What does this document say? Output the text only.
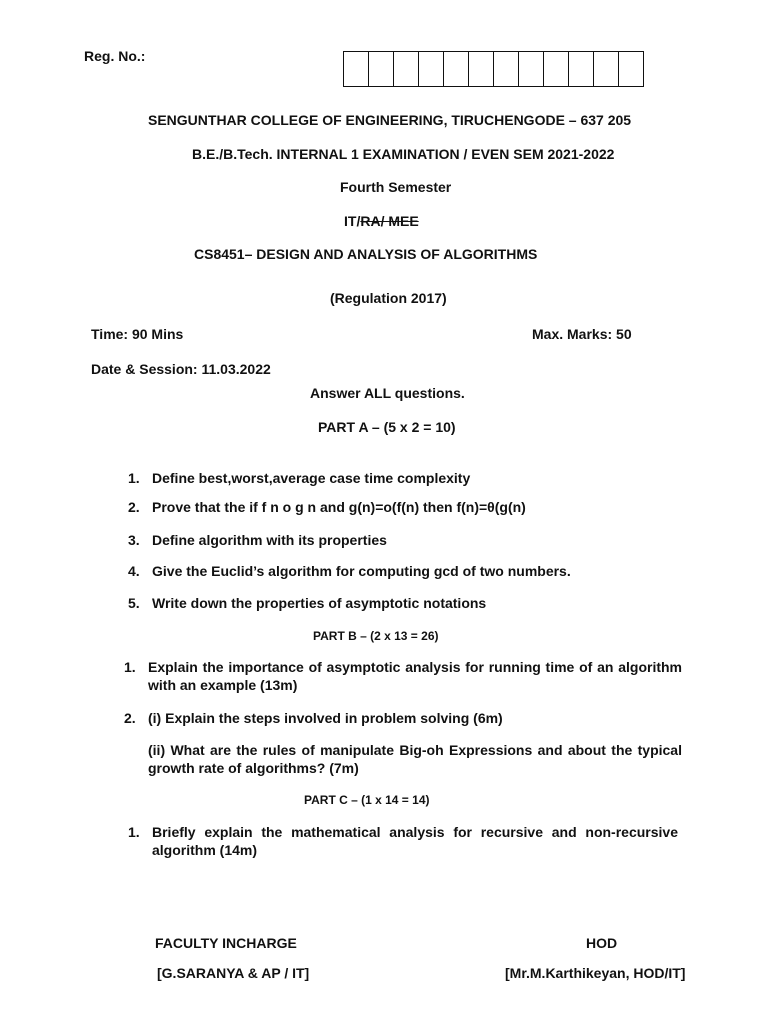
Reg. No.:
SENGUNTHAR COLLEGE OF ENGINEERING, TIRUCHENGODE – 637 205
B.E./B.Tech. INTERNAL 1 EXAMINATION / EVEN SEM 2021-2022
Fourth Semester
IT/RA/ MEE
CS8451– DESIGN AND ANALYSIS OF ALGORITHMS
(Regulation 2017)
Time: 90 Mins	Max. Marks: 50
Date & Session: 11.03.2022
Answer ALL questions.
PART A – (5 x 2 = 10)
1. Define best,worst,average case time complexity
2. Prove that the if f n o g n and g(n)=o(f(n) then f(n)=θ(g(n)
3. Define algorithm with its properties
4. Give the Euclid’s algorithm for computing gcd of two numbers.
5. Write down the properties of asymptotic notations
PART B – (2 x 13 = 26)
1. Explain the importance of asymptotic analysis for running time of an algorithm with an example (13m)
2. (i) Explain the steps involved in problem solving (6m)
(ii) What are the rules of manipulate Big-oh Expressions and about the typical growth rate of algorithms? (7m)
PART C – (1 x 14 = 14)
1. Briefly explain the mathematical analysis for recursive and non-recursive algorithm (14m)
FACULTY INCHARGE	HOD
[G.SARANYA & AP / IT]	[Mr.M.Karthikeyan, HOD/IT]
